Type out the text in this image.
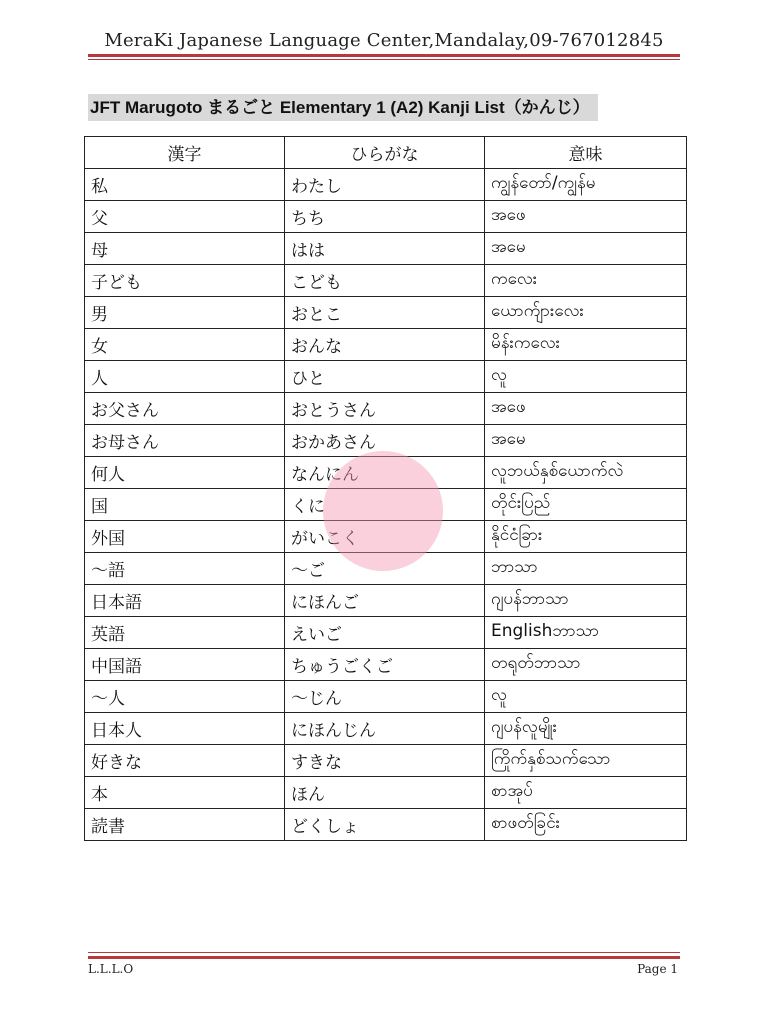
MeraKi Japanese Language Center,Mandalay,09-767012845
JFT Marugoto まるごと Elementary 1 (A2) Kanji List（かんじ）
漢字	ひらがな	意味
私	わたし	ကျွန်တော်/ကျွန်မ
父	ちち	အဖေ
母	はは	အမေ
子ども	こども	ကလေး
男	おとこ	ယောက်ျားလေး
女	おんな	မိန်းကလေး
人	ひと	လူ
お父さん	おとうさん	အဖေ
お母さん	おかあさん	အမေ
何人	なんにん	လူဘယ်နှစ်ယောက်လဲ
国	くに	တိုင်းပြည်
外国	がいこく	နိုင်ငံခြား
～語	～ご	ဘာသာ
日本語	にほんご	ဂျပန်ဘာသာ
英語	えいご	Englishဘာသာ
中国語	ちゅうごくご	တရုတ်ဘာသာ
～人	～じん	လူ
日本人	にほんじん	ဂျပန်လူမျိုး
好きな	すきな	ကြိုက်နှစ်သက်သော
本	ほん	စာအုပ်
読書	どくしょ	စာဖတ်ခြင်း
L.L.L.O	Page 1
